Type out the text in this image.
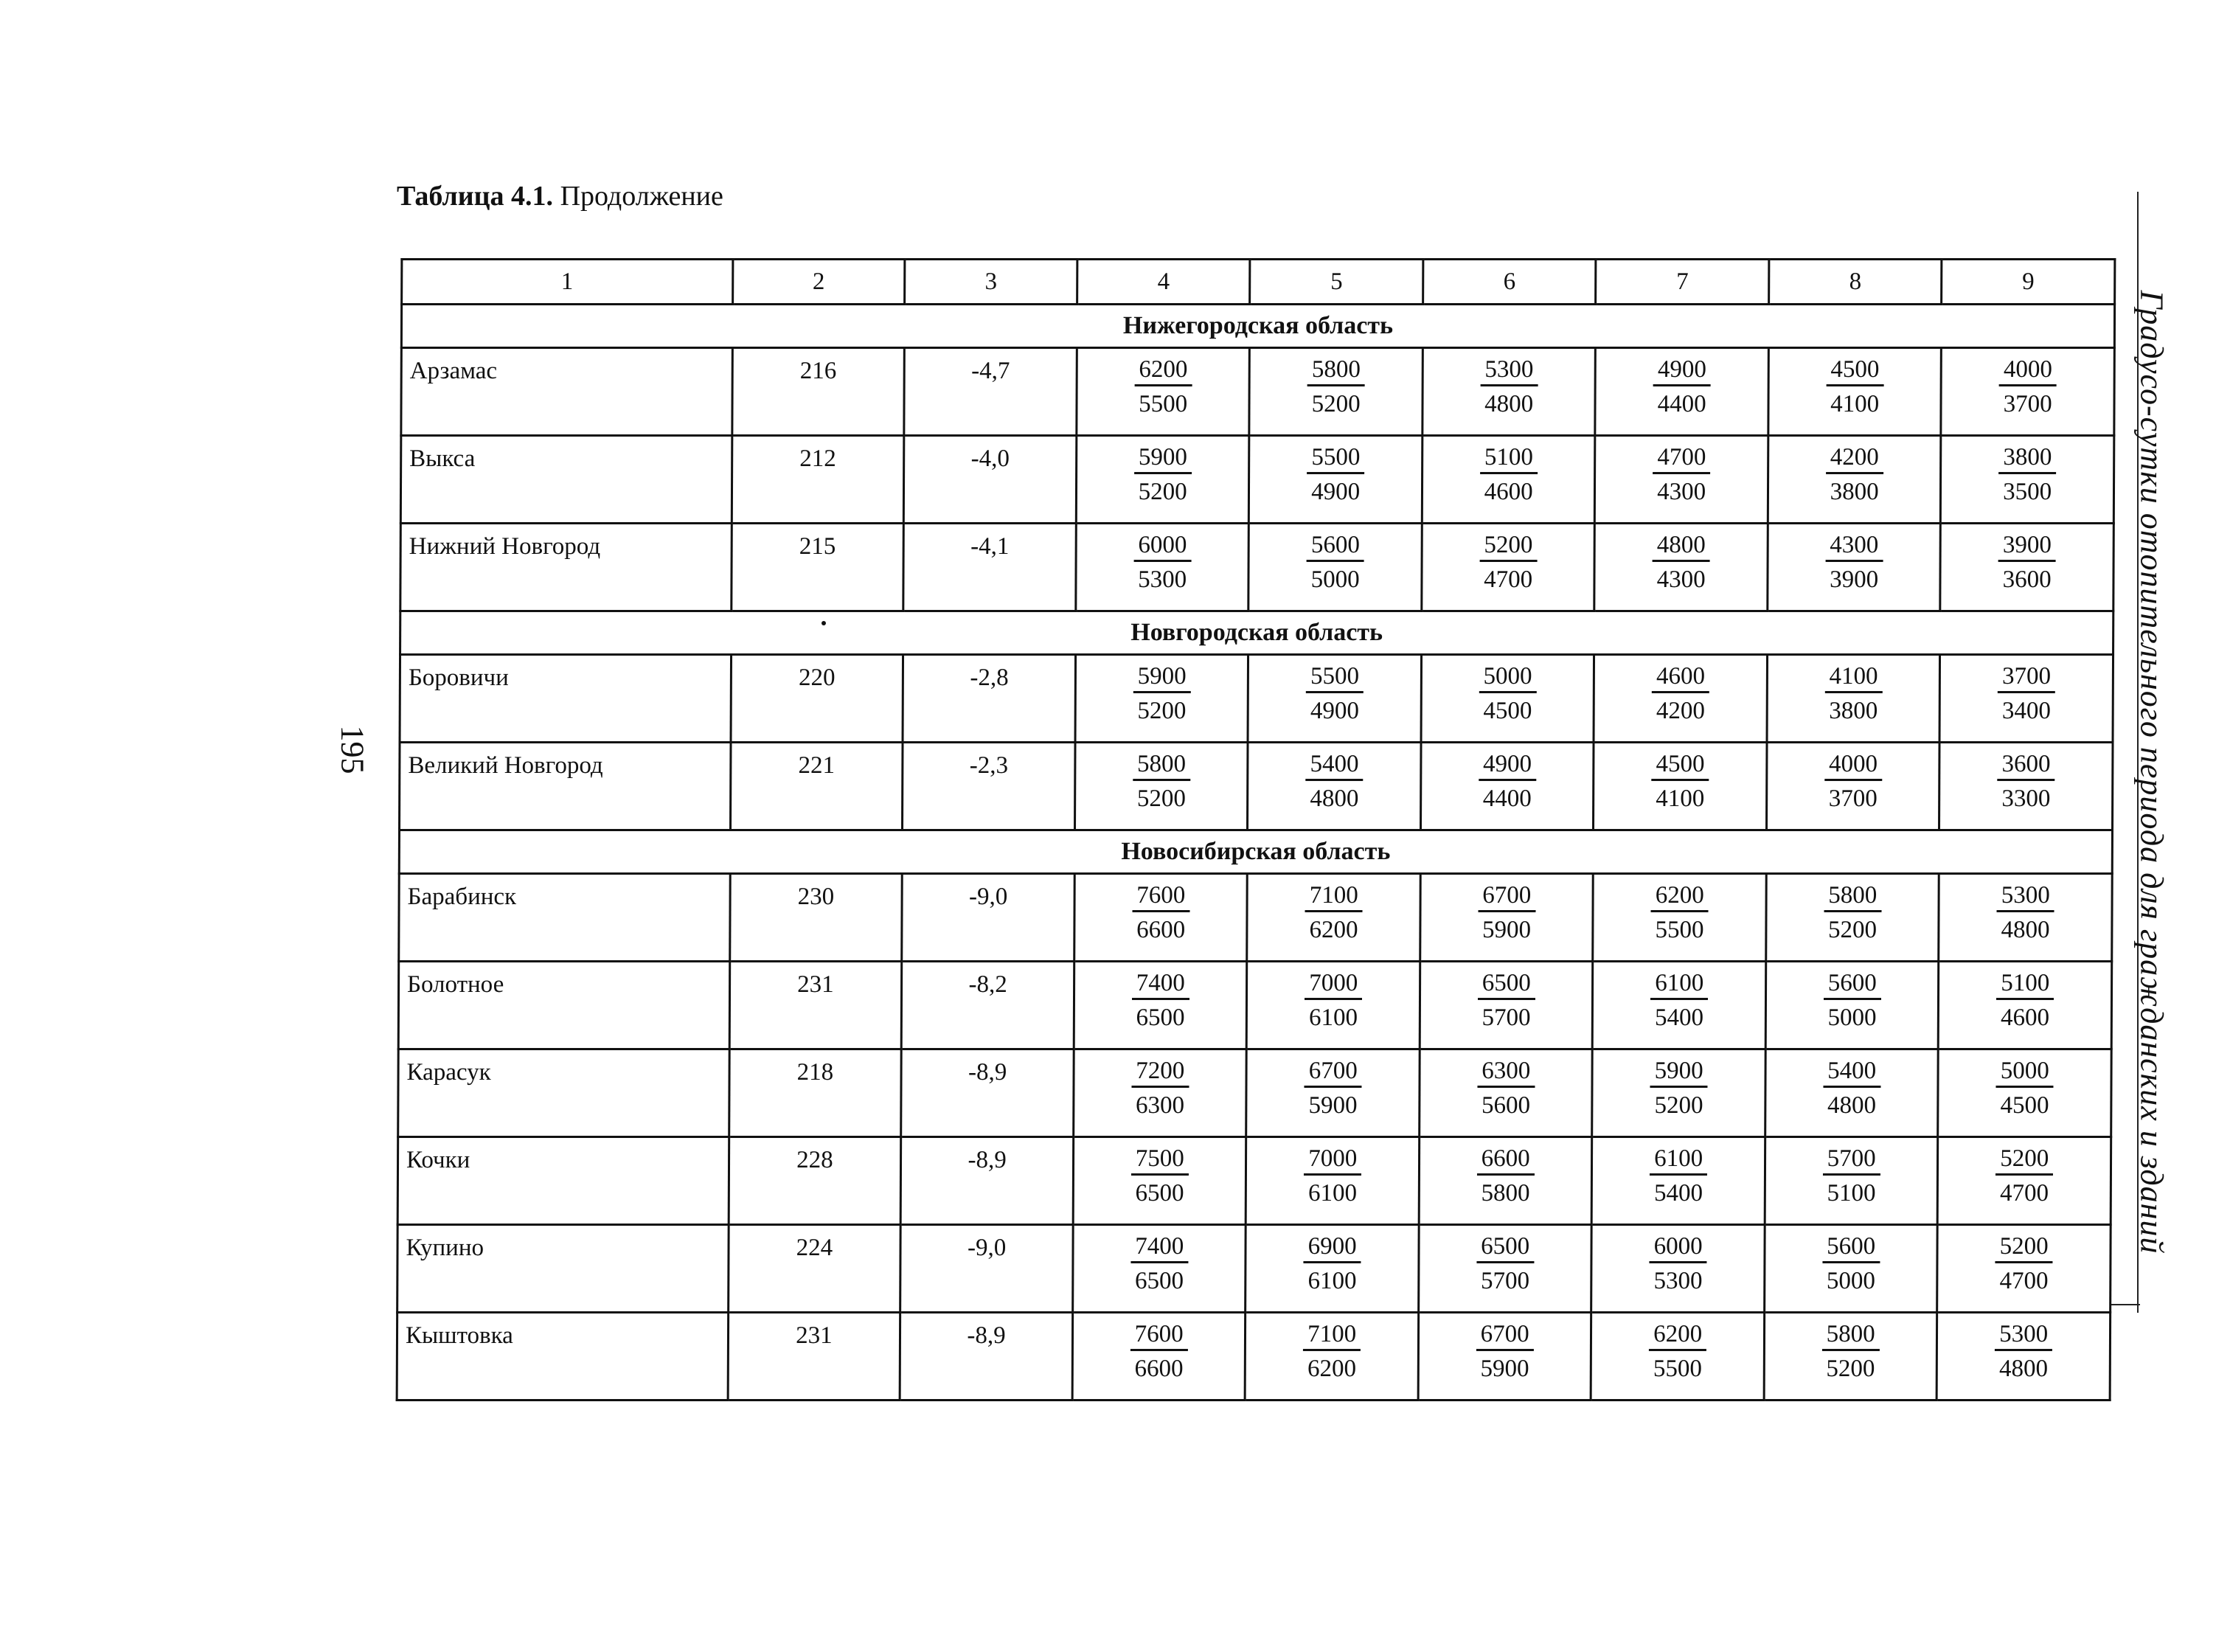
Таблица 4.1. Продолжение
195	Градусо-сутки отопительного периода для гражданских и зданий
1	2	3	4	5	6	7	8	9
Нижегородская область								
Арзамас	216	-4,7	$\frac{6200}{5500}$	$\frac{5800}{5200}$	$\frac{5300}{4800}$	$\frac{4900}{4400}$	$\frac{4500}{4100}$	$\frac{4000}{3700}$

Выкса	212	-4,0	$\frac{5900}{5200}$	$\frac{5500}{4900}$	$\frac{5100}{4600}$	$\frac{4700}{4300}$	$\frac{4200}{3800}$	$\frac{3800}{3500}$

Нижний Новгород	215	-4,1	$\frac{6000}{5300}$	$\frac{5600}{5000}$	$\frac{5200}{4700}$	$\frac{4800}{4300}$	$\frac{4300}{3900}$	$\frac{3900}{3600}$

Новгородская область								
Боровичи	220	-2,8	$\frac{5900}{5200}$	$\frac{5500}{4900}$	$\frac{5000}{4500}$	$\frac{4600}{4200}$	$\frac{4100}{3800}$	$\frac{3700}{3400}$

Великий Новгород	221	-2,3	$\frac{5800}{5200}$	$\frac{5400}{4800}$	$\frac{4900}{4400}$	$\frac{4500}{4100}$	$\frac{4000}{3700}$	$\frac{3600}{3300}$

Новосибирская область								
Барабинск	230	-9,0	$\frac{7600}{6600}$	$\frac{7100}{6200}$	$\frac{6700}{5900}$	$\frac{6200}{5500}$	$\frac{5800}{5200}$	$\frac{5300}{4800}$

Болотное	231	-8,2	$\frac{7400}{6500}$	$\frac{7000}{6100}$	$\frac{6500}{5700}$	$\frac{6100}{5400}$	$\frac{5600}{5000}$	$\frac{5100}{4600}$

Карасук	218	-8,9	$\frac{7200}{6300}$	$\frac{6700}{5900}$	$\frac{6300}{5600}$	$\frac{5900}{5200}$	$\frac{5400}{4800}$	$\frac{5000}{4500}$

Кочки	228	-8,9	$\frac{7500}{6500}$	$\frac{7000}{6100}$	$\frac{6600}{5800}$	$\frac{6100}{5400}$	$\frac{5700}{5100}$	$\frac{5200}{4700}$

Купино	224	-9,0	$\frac{7400}{6500}$	$\frac{6900}{6100}$	$\frac{6500}{5700}$	$\frac{6000}{5300}$	$\frac{5600}{5000}$	$\frac{5200}{4700}$

Кыштовка	231	-8,9	$\frac{7600}{6600}$	$\frac{7100}{6200}$	$\frac{6700}{5900}$	$\frac{6200}{5500}$	$\frac{5800}{5200}$	$\frac{5300}{4800}$
